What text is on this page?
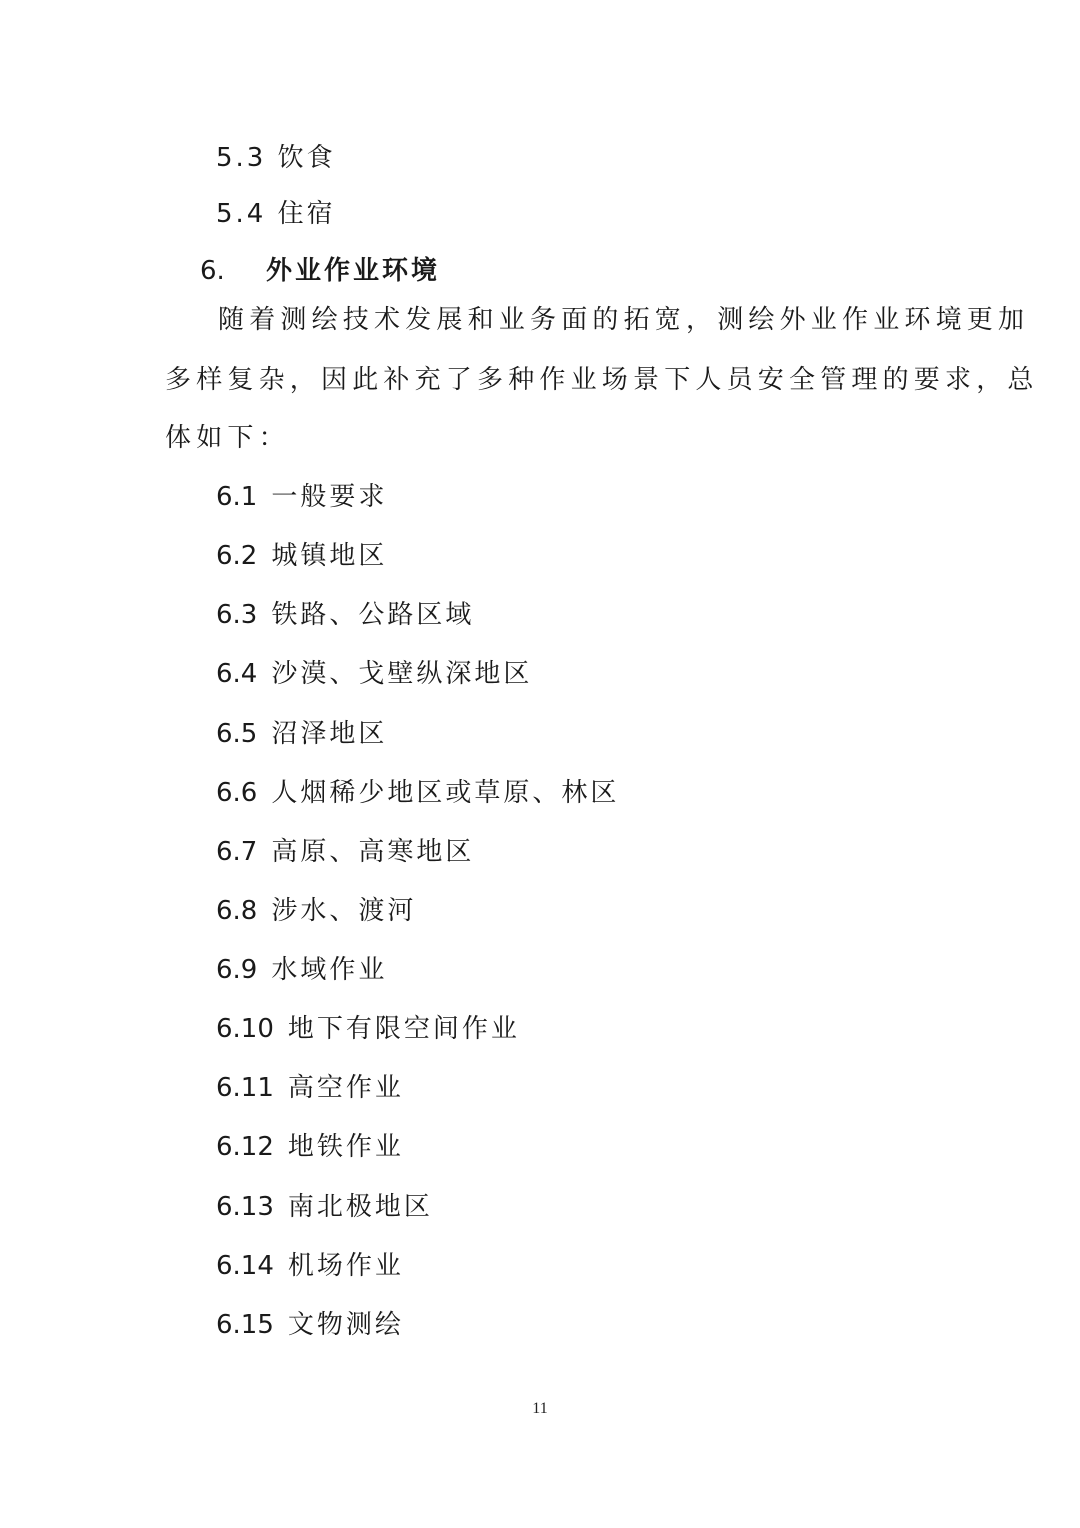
5.3 饮食
5.4 住宿
6. 外业作业环境
随着测绘技术发展和业务面的拓宽，测绘外业作业环境更加
多样复杂，因此补充了多种作业场景下人员安全管理的要求，总
体如下：
6.1 一般要求
6.2 城镇地区
6.3 铁路、公路区域
6.4 沙漠、戈壁纵深地区
6.5 沼泽地区
6.6 人烟稀少地区或草原、林区
6.7 高原、高寒地区
6.8 涉水、渡河
6.9 水域作业
6.10 地下有限空间作业
6.11 高空作业
6.12 地铁作业
6.13 南北极地区
6.14 机场作业
6.15 文物测绘
11
